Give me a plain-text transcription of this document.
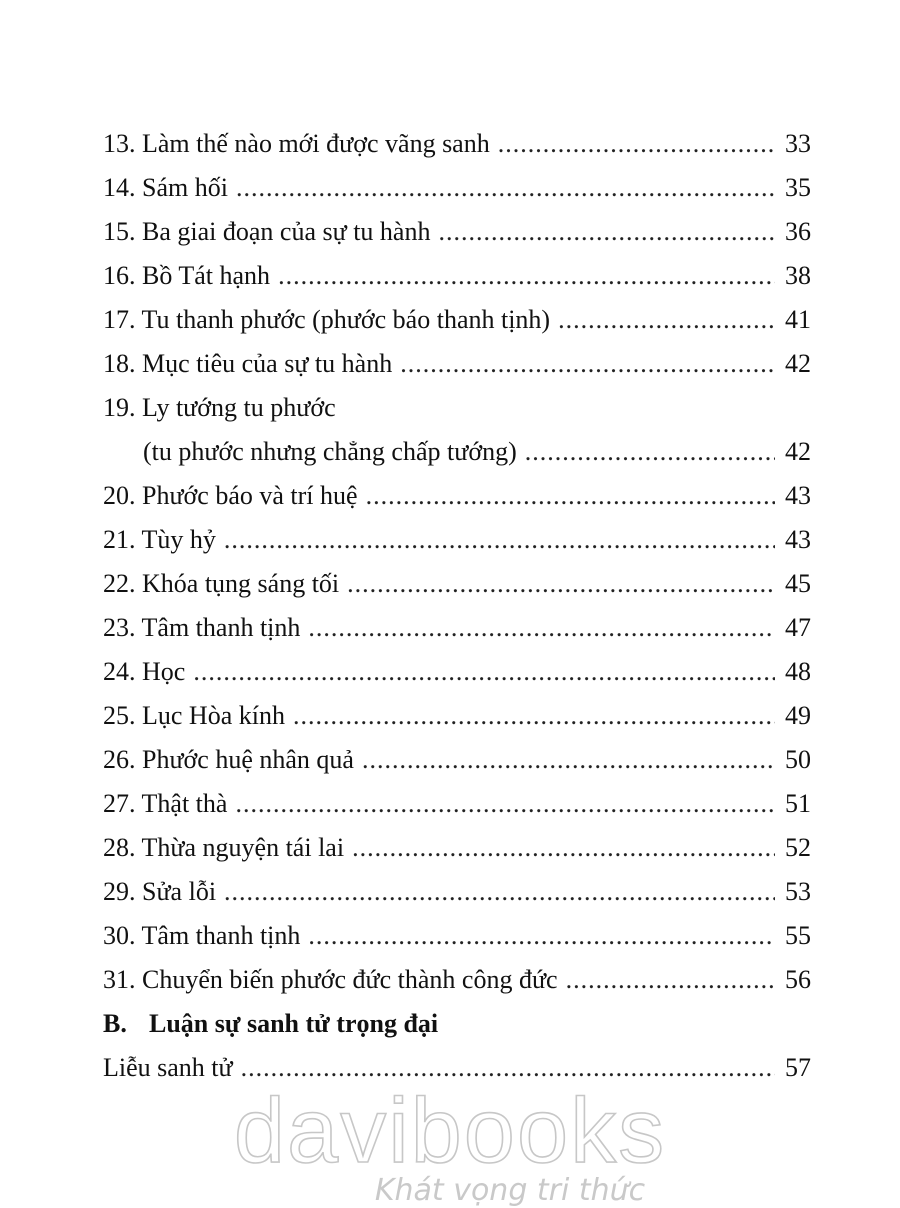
13. Làm thế nào mới được vãng sanh .....	33
14. Sám hối .....	35
15. Ba giai đoạn của sự tu hành .....	36
16. Bồ Tát hạnh .....	38
17. Tu thanh phước (phước báo thanh tịnh) .....	41
18. Mục tiêu của sự tu hành .....	42
19. Ly tướng tu phước
(tu phước nhưng chẳng chấp tướng) .....	42
20. Phước báo và trí huệ .....	43
21. Tùy hỷ .....	43
22. Khóa tụng sáng tối .....	45
23. Tâm thanh tịnh .....	47
24. Học .....	48
25. Lục Hòa kính .....	49
26. Phước huệ nhân quả .....	50
27. Thật thà .....	51
28. Thừa nguyện tái lai .....	52
29. Sửa lỗi .....	53
30. Tâm thanh tịnh .....	55
31. Chuyển biến phước đức thành công đức .....	56
B. Luận sự sanh tử trọng đại
Liễu sanh tử .....	57
davibooks
Khát vọng tri thức
